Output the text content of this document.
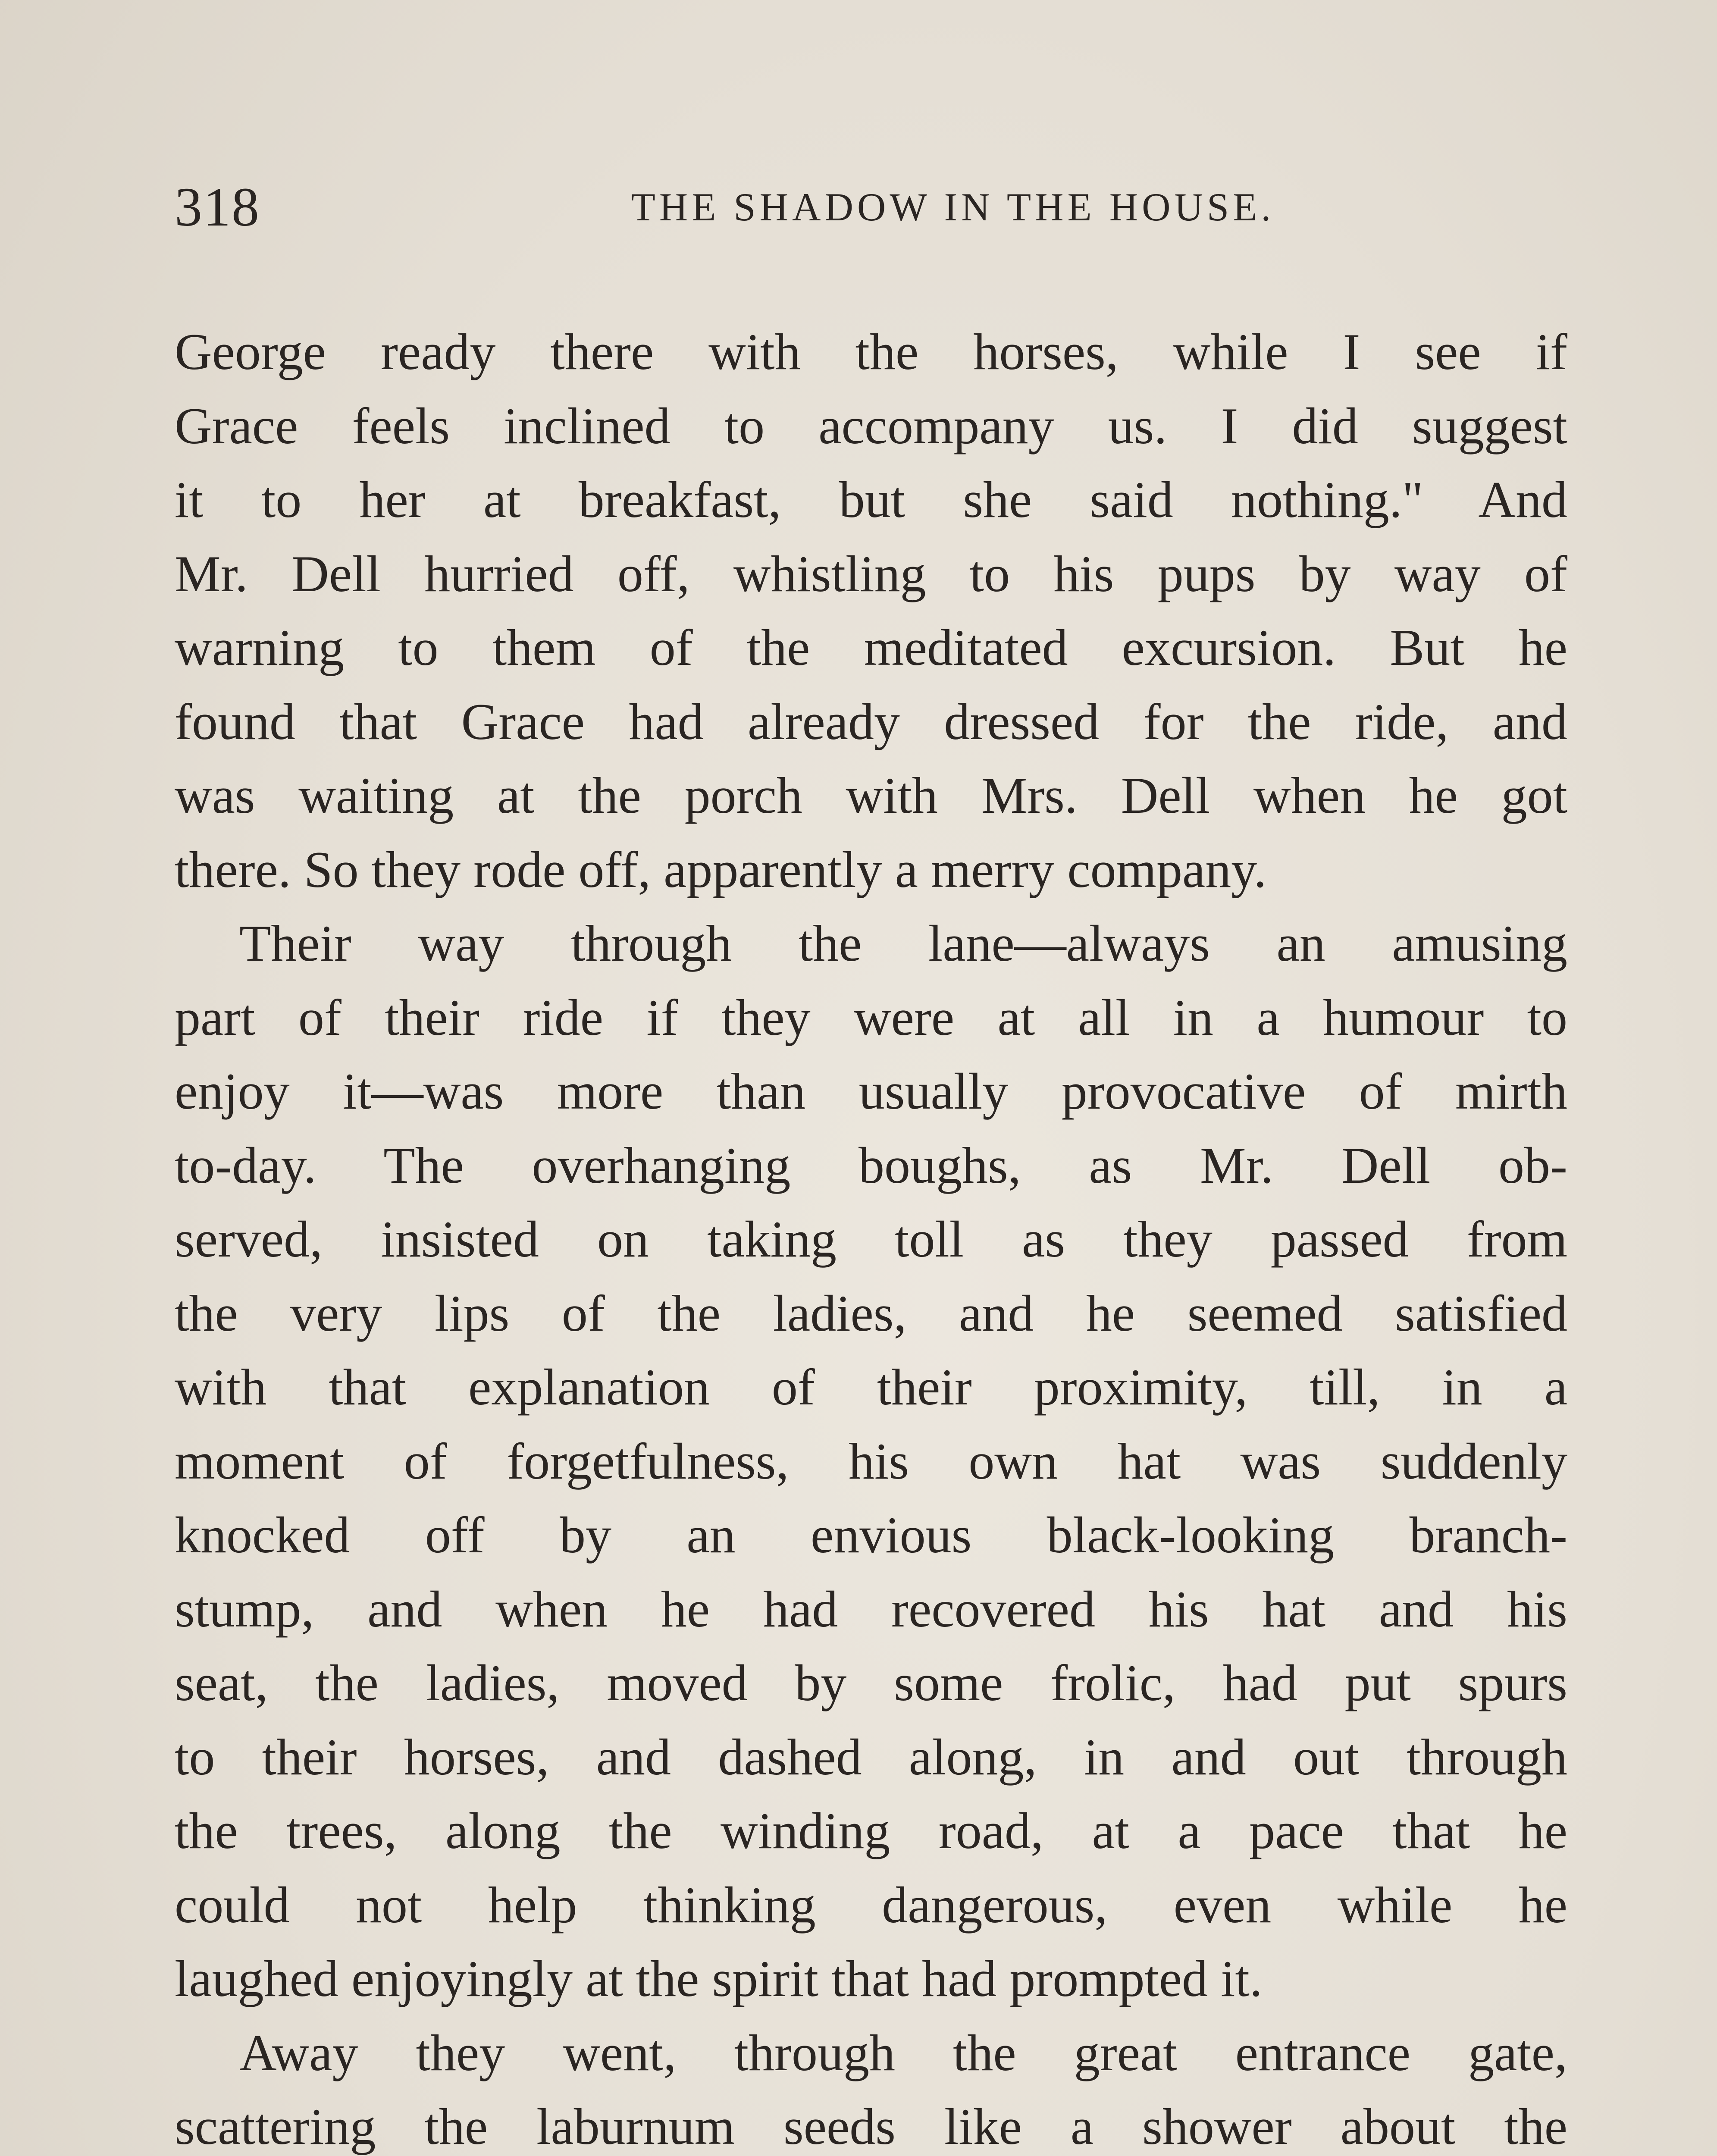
318	THE SHADOW IN THE HOUSE.
George ready there with the horses, while I see if
Grace feels inclined to accompany us. I did suggest
it to her at breakfast, but she said nothing." And
Mr. Dell hurried off, whistling to his pups by way of
warning to them of the meditated excursion. But he
found that Grace had already dressed for the ride, and
was waiting at the porch with Mrs. Dell when he got
there. So they rode off, apparently a merry company.
Their way through the lane—always an amusing
part of their ride if they were at all in a humour to
enjoy it—was more than usually provocative of mirth
to-day. The overhanging boughs, as Mr. Dell ob-
served, insisted on taking toll as they passed from
the very lips of the ladies, and he seemed satisfied
with that explanation of their proximity, till, in a
moment of forgetfulness, his own hat was suddenly
knocked off by an envious black-looking branch-
stump, and when he had recovered his hat and his
seat, the ladies, moved by some frolic, had put spurs
to their horses, and dashed along, in and out through
the trees, along the winding road, at a pace that he
could not help thinking dangerous, even while he
laughed enjoyingly at the spirit that had prompted it.
Away they went, through the great entrance gate,
scattering the laburnum seeds like a shower about the
